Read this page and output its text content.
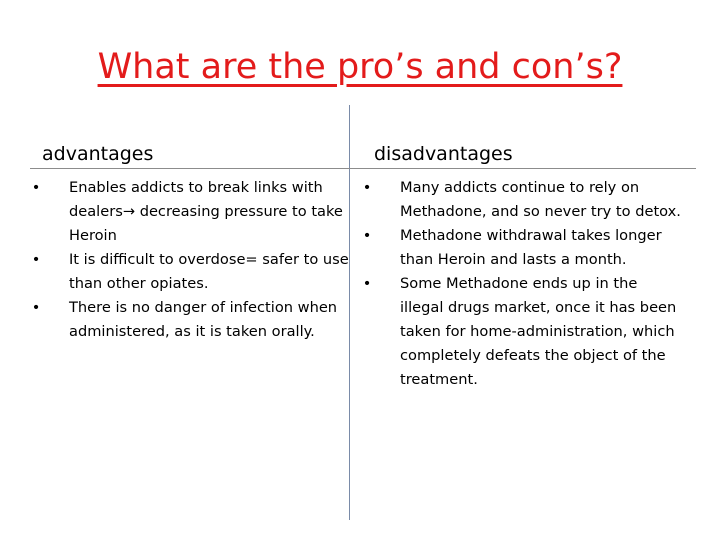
What are the pro’s and con’s?
advantages	disadvantages
• Enables addicts to break links with dealers→ decreasing pressure to take Heroin
• It is difficult to overdose= safer to use than other opiates.
• There is no danger of infection when administered, as it is taken orally.
• Many addicts continue to rely on Methadone, and so never try to detox.
• Methadone withdrawal takes longer than Heroin and lasts a month.
• Some Methadone ends up in the illegal drugs market, once it has been taken for home-administration, which completely defeats the object of the treatment.
